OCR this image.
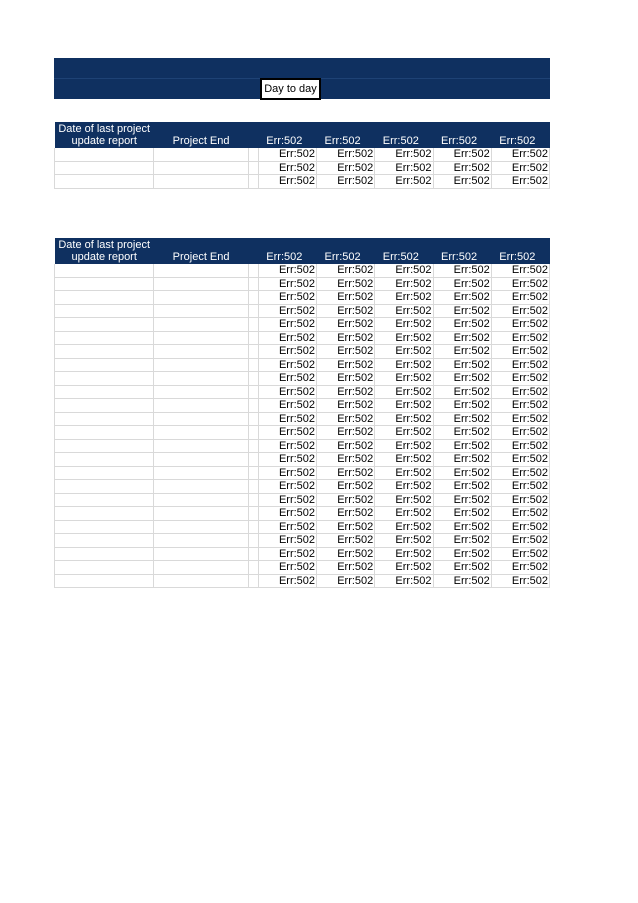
Day to day
Date of last project update report	Project End		Err:502	Err:502	Err:502	Err:502	Err:502

			Err:502	Err:502	Err:502	Err:502	Err:502
			Err:502	Err:502	Err:502	Err:502	Err:502
			Err:502	Err:502	Err:502	Err:502	Err:502
Date of last project update report	Project End		Err:502	Err:502	Err:502	Err:502	Err:502

			Err:502	Err:502	Err:502	Err:502	Err:502
			Err:502	Err:502	Err:502	Err:502	Err:502
			Err:502	Err:502	Err:502	Err:502	Err:502
			Err:502	Err:502	Err:502	Err:502	Err:502
			Err:502	Err:502	Err:502	Err:502	Err:502
			Err:502	Err:502	Err:502	Err:502	Err:502
			Err:502	Err:502	Err:502	Err:502	Err:502
			Err:502	Err:502	Err:502	Err:502	Err:502
			Err:502	Err:502	Err:502	Err:502	Err:502
			Err:502	Err:502	Err:502	Err:502	Err:502
			Err:502	Err:502	Err:502	Err:502	Err:502
			Err:502	Err:502	Err:502	Err:502	Err:502
			Err:502	Err:502	Err:502	Err:502	Err:502
			Err:502	Err:502	Err:502	Err:502	Err:502
			Err:502	Err:502	Err:502	Err:502	Err:502
			Err:502	Err:502	Err:502	Err:502	Err:502
			Err:502	Err:502	Err:502	Err:502	Err:502
			Err:502	Err:502	Err:502	Err:502	Err:502
			Err:502	Err:502	Err:502	Err:502	Err:502
			Err:502	Err:502	Err:502	Err:502	Err:502
			Err:502	Err:502	Err:502	Err:502	Err:502
			Err:502	Err:502	Err:502	Err:502	Err:502
			Err:502	Err:502	Err:502	Err:502	Err:502
			Err:502	Err:502	Err:502	Err:502	Err:502
